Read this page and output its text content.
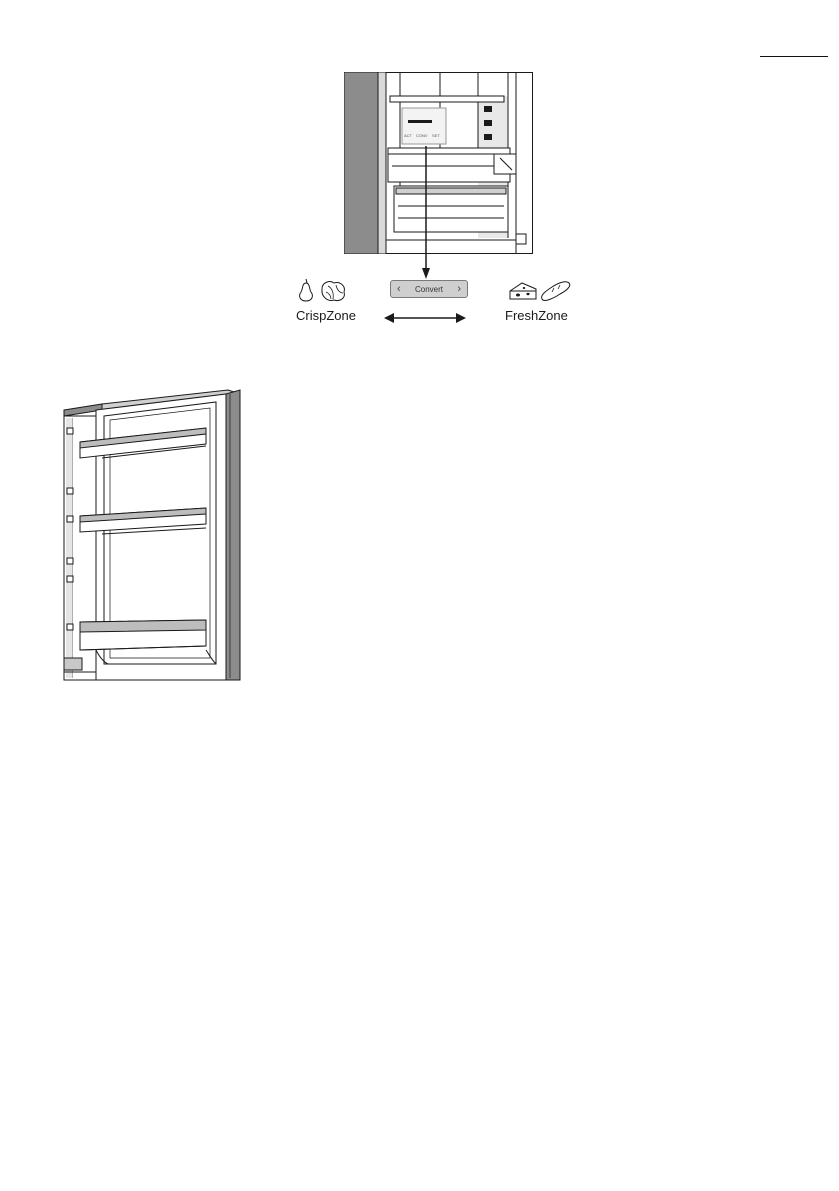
ACT CONV SET
‹ Convert ›
CrispZone	FreshZone
